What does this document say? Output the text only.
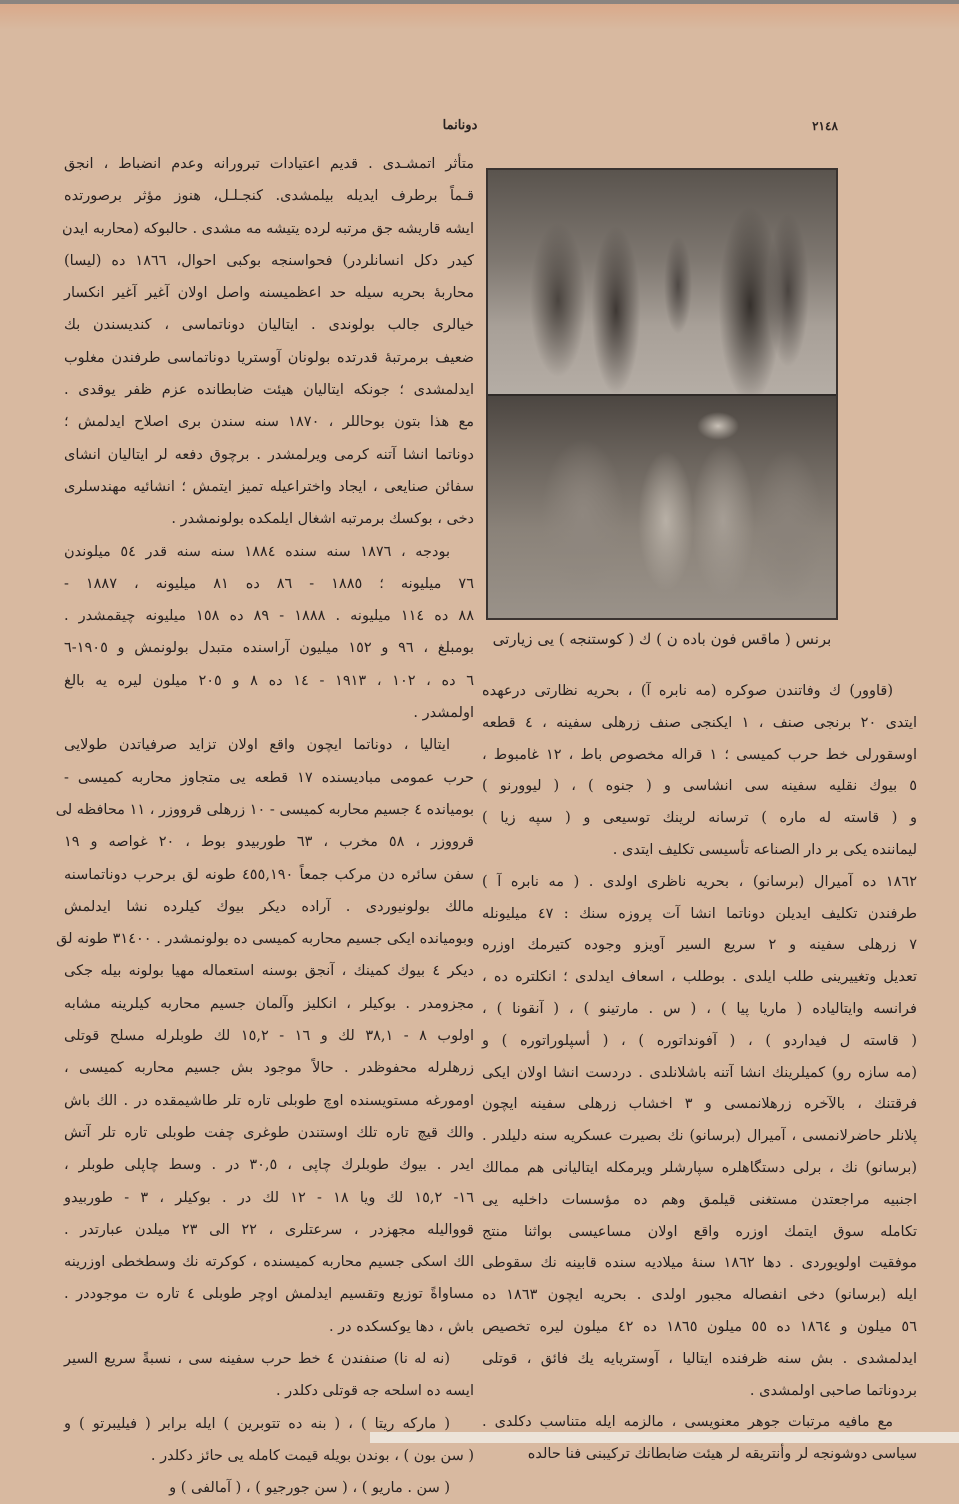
دونانما	٢١٤٨
متأثر اتمشـدى . قديم اعتيادات تبرورانه وعدم انضباط ، انجق
قـماً برطرف ايديله بيلمشدى. كنجـلـل، هنوز مؤثر برصورتده
ايشه قاريشه جق مرتبه لرده يتيشه مه مشدى . حالبوكه (محاربه ايدن
كيدر دكل انسانلردر) فحواسنجه بوكبى احوال، ١٨٦٦ ده (ليسا)
محاربهٔ بحريه سيله حد اعظميسنه واصل اولان آغير آغير انكسار
خيالرى جالب بولوندى . ايتاليان دوناتماسى ، كنديسندن بك
ضعيف برمرتبهٔ قدرتده بولونان آوستريا دوناتماسى طرفندن مغلوب
ايدلمشدى ؛ جونكه ايتاليان هيئت ضابطانده عزم ظفر يوقدى .
مع هذا بتون بوحاللر ، ١٨٧٠ سنه سندن برى اصلاح ايدلمش ؛
دوناتما انشا آتنه كرمى ويرلمشدر . برچوق دفعه لر ايتاليان انشاى
سفائن صنايعى ، ايجاد واختراعيله تميز ايتمش ؛ انشائيه مهندسلرى
دخى ، بوكسك برمرتبه اشغال ايلمكده بولونمشدر .
بودجه ، ١٨٧٦ سنه سنده ١٨٨٤ سنه سنه قدر ٥٤ ميلوندن
٧٦ ميليونه ؛ ١٨٨٥ - ٨٦ ده ٨١ ميليونه ، ١٨٨٧ -
٨٨ ده ١١٤ ميليونه . ١٨٨٨ - ٨٩ ده ١٥٨ ميليونه چيقمشدر .
بومبلغ ، ٩٦ و ١٥٢ ميليون آراسنده متبدل بولونمش و ١٩٠٥-٦
٦ ده ، ١٠٢ ، ١٩١٣ - ١٤ ده ٨ و ٢٠٥ ميلون ليره يه بالغ
اولمشدر .
ايتاليا ، دوناتما ايچون واقع اولان تزايد صرفياتدن طولايى
حرب عمومى مباديسنده ١٧ قطعه يى متجاوز محاربه كميسى -
بوميانده ٤ جسيم محاربه كميسى - ١٠ زرهلى قرووزر ، ١١ محافظه لى
قرووزر ، ٥٨ مخرب ، ٦٣ طوربيدو بوط ، ٢٠ غواصه و ١٩
سفن سائره دن مركب جمعاً ٤٥٥,١٩٠ طونه لق برحرب دوناتماسنه
مالك بولونيوردى . آراده ديكر بيوك كيلرده نشا ايدلمش
وبوميانده ايكى جسيم محاربه كميسى ده بولونمشدر . ٣١٤٠٠ طونه لق
ديكر ٤ بيوك كمينك ، آنجق بوسنه استعماله مهيا بولونه بيله جكى
مجزومدر . بوكيلر ، انكليز وآلمان جسيم محاربه كيلرينه مشابه
اولوب ٨ - ٣٨,١ لك و ١٦ - ١٥,٢ لك طوبلرله مسلح قوتلى
زرهلرله محفوظدر . حالاً موجود بش جسيم محاربه كميسى ،
اومورغه مستويسنده اوچ طوبلى تاره تلر طاشيمقده در . الك باش
والك قيچ تاره تلك اوستندن طوغرى چفت طوبلى تاره تلر آتش
ايدر . بيوك طوبلرك چاپى ، ٣٠,٥ در . وسط چاپلى طوبلر ،
١٦- ١٥,٢ لك ويا ١٨ - ١٢ لك در . بوكيلر ، ٣ - طوربيدو
قوواليله مجهزدر ، سرعتلرى ، ٢٢ الى ٢٣ ميلدن عبارتدر .
الك اسكى جسيم محاربه كميسنده ، كوكرته نك وسطخطى اوزرينه
مساواةً توزيع وتقسيم ايدلمش اوچر طوبلى ٤ تاره ت موجوددر .
باش ، دها يوكسكده در .
(نه له نا) صنفندن ٤ خط حرب سفينه سى ، نسبةً سريع السير
ايسه ده اسلحه جه قوتلى دكلدر .
( ماركه ريتا ) ، ( بنه ده تتوبرين ) ايله برابر ( فيليبرتو ) و
( سن بون ) ، بوندن بويله قيمت كامله يى حائز دكلدر .
( سن . ماريو ) ، ( سن جورجيو ) ، ( آمالفى ) و
برنس ( ماقس فون باده ن ) ك ( كوستنجه ) يى زيارتى
(قاوور) ك وفاتندن صوكره (مه نابره آ) ، بحريه نظارتى درعهده
ايتدى ٢٠ برنجى صنف ، ١ ايكنجى صنف زرهلى سفينه ، ٤ قطعه
اوسقورلى خط حرب كميسى ؛ ١ قراله مخصوص باط ، ١٢ غامبوط ،
٥ بيوك نقليه سفينه سى انشاسى و ( جنوه ) ، ( ليوورنو )
و ( قاسته له ماره ) ترسانه لرينك توسيعى و ( سپه زيا )
ليماننده يكى بر دار الصناعه تأسيسى تكليف ايتدى .
١٨٦٢ ده آميرال (برسانو) ، بحريه ناظرى اولدى . ( مه نابره آ )
طرفندن تكليف ايديلن دوناتما انشا آت پروزه سنك : ٤٧ ميليونله
٧ زرهلى سفينه و ٢ سريع السير آويزو وجوده كتيرمك اوزره
تعديل وتغييرينى طلب ايلدى . بوطلب ، اسعاف ايدلدى ؛ انكلتره ده ،
فرانسه وايتالياده ( ماريا پيا ) ، ( س . مارتينو ) ، ( آنقونا ) ،
( قاسته ل فيداردو ) ، ( آفونداتوره ) ، ( أسپلوراتوره ) و
(مه سازه رو) كميلرينك انشا آتنه باشلانلدى . دردست انشا اولان ايكى
فرقتنك ، بالآخره زرهلانمسى و ٣ اخشاب زرهلى سفينه ايچون
پلانلر حاضرلانمسى ، آميرال (برسانو) نك بصيرت عسكريه سنه دليلدر .
(برسانو) نك ، برلى دستگاهلره سپارشلر ويرمكله ايتاليانى هم ممالك
اجنبيه مراجعتدن مستغنى قيلمق وهم ده مؤسسات داخليه يى
تكامله سوق ايتمك اوزره واقع اولان مساعيسى بواثنا منتج
موفقيت اولويوردى . دها ١٨٦٢ سنهٔ ميلاديه سنده قابينه نك سقوطى
ايله (برسانو) دخى انفصاله مجبور اولدى . بحريه ايچون ١٨٦٣ ده
٥٦ ميلون و ١٨٦٤ ده ٥٥ ميلون ١٨٦٥ ده ٤٢ ميلون ليره تخصيص
ايدلمشدى . بش سنه ظرفنده ايتاليا ، آوستريايه يك فائق ، قوتلى
بردوناتما صاحبى اولمشدى .
مع مافيه مرتبات جوهر معنويسى ، مالزمه ايله متناسب دكلدى .
سياسى دوشونجه لر وأنتريقه لر هيئت ضابطانك تركيبنى فنا حالده
